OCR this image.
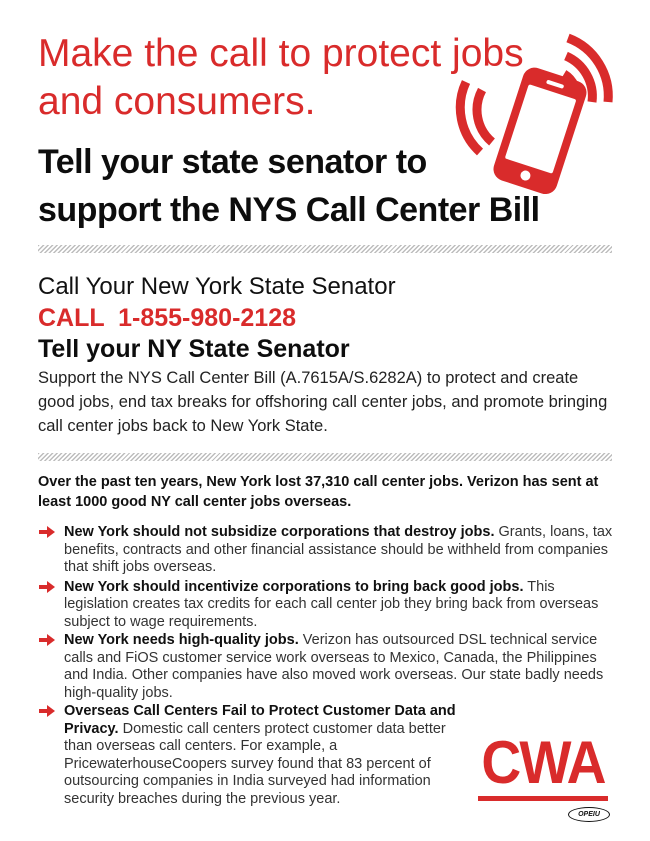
Make the call to protect jobs
and consumers.
Tell your state senator to
support the NYS Call Center Bill
Call Your New York State Senator
CALL  1-855-980-2128
Tell your NY State Senator
Support the NYS Call Center Bill (A.7615A/S.6282A) to protect and create good jobs, end tax breaks for offshoring call center jobs, and promote bringing call center jobs back to New York State.
Over the past ten years, New York lost 37,310 call center jobs. Verizon has sent at least 1000 good NY call center jobs overseas.
New York should not subsidize corporations that destroy jobs. Grants, loans, tax benefits, contracts and other financial assistance should be withheld from companies that shift jobs overseas.
New York should incentivize corporations to bring back good jobs. This legislation creates tax credits for each call center job they bring back from overseas subject to wage requirements.
New York needs high-quality jobs. Verizon has outsourced DSL technical service calls and FiOS customer service work overseas to Mexico, Canada, the Philippines and India. Other companies have also moved work overseas. Our state badly needs high-quality jobs.
Overseas Call Centers Fail to Protect Customer Data and Privacy. Domestic call centers protect customer data better than overseas call centers. For example, a PricewaterhouseCoopers survey found that 83 percent of outsourcing companies in India surveyed had information security breaches during the previous year.
CWA
OPEIU
